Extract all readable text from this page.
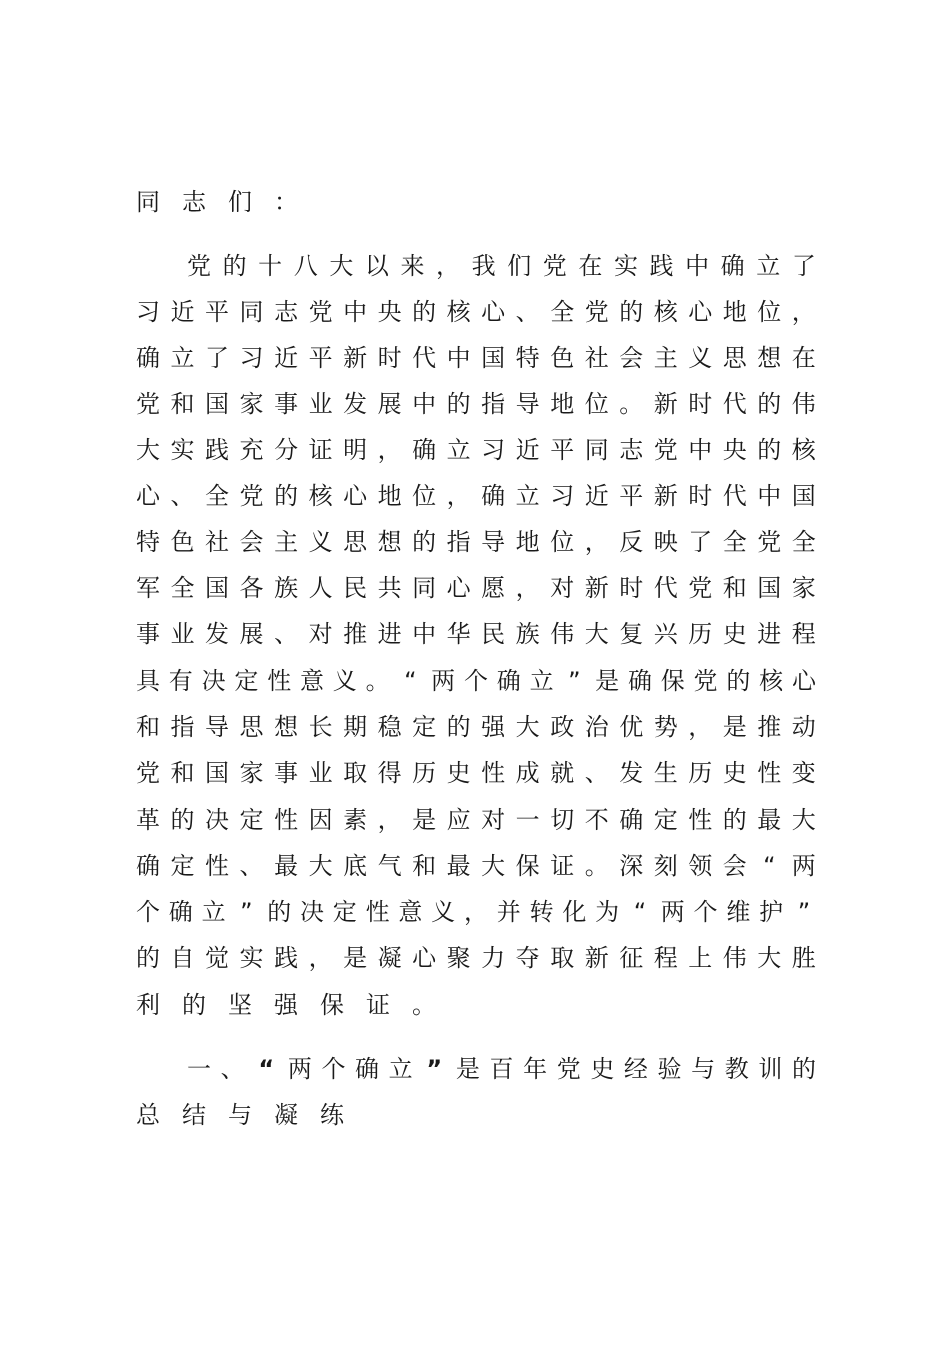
同 志 们 ：
党 的 十 八 大 以 来 ， 我 们 党 在 实 践 中 确 立 了
习 近 平 同 志 党 中 央 的 核 心 、 全 党 的 核 心 地 位 ，
确 立 了 习 近 平 新 时 代 中 国 特 色 社 会 主 义 思 想 在
党 和 国 家 事 业 发 展 中 的 指 导 地 位 。 新 时 代 的 伟
大 实 践 充 分 证 明 ， 确 立 习 近 平 同 志 党 中 央 的 核
心 、 全 党 的 核 心 地 位 ， 确 立 习 近 平 新 时 代 中 国
特 色 社 会 主 义 思 想 的 指 导 地 位 ， 反 映 了 全 党 全
军 全 国 各 族 人 民 共 同 心 愿 ， 对 新 时 代 党 和 国 家
事 业 发 展 、 对 推 进 中 华 民 族 伟 大 复 兴 历 史 进 程
具 有 决 定 性 意 义 。 “ 两 个 确 立 ” 是 确 保 党 的 核 心
和 指 导 思 想 长 期 稳 定 的 强 大 政 治 优 势 ， 是 推 动
党 和 国 家 事 业 取 得 历 史 性 成 就 、 发 生 历 史 性 变
革 的 决 定 性 因 素 ， 是 应 对 一 切 不 确 定 性 的 最 大
确 定 性 、 最 大 底 气 和 最 大 保 证 。 深 刻 领 会 “ 两
个 确 立 ” 的 决 定 性 意 义 ， 并 转 化 为 “ 两 个 维 护 ”
的 自 觉 实 践 ， 是 凝 心 聚 力 夺 取 新 征 程 上 伟 大 胜
利 的 坚 强 保 证 。
一 、 “ 两 个 确 立 ” 是 百 年 党 史 经 验 与 教 训 的
总 结 与 凝 练
